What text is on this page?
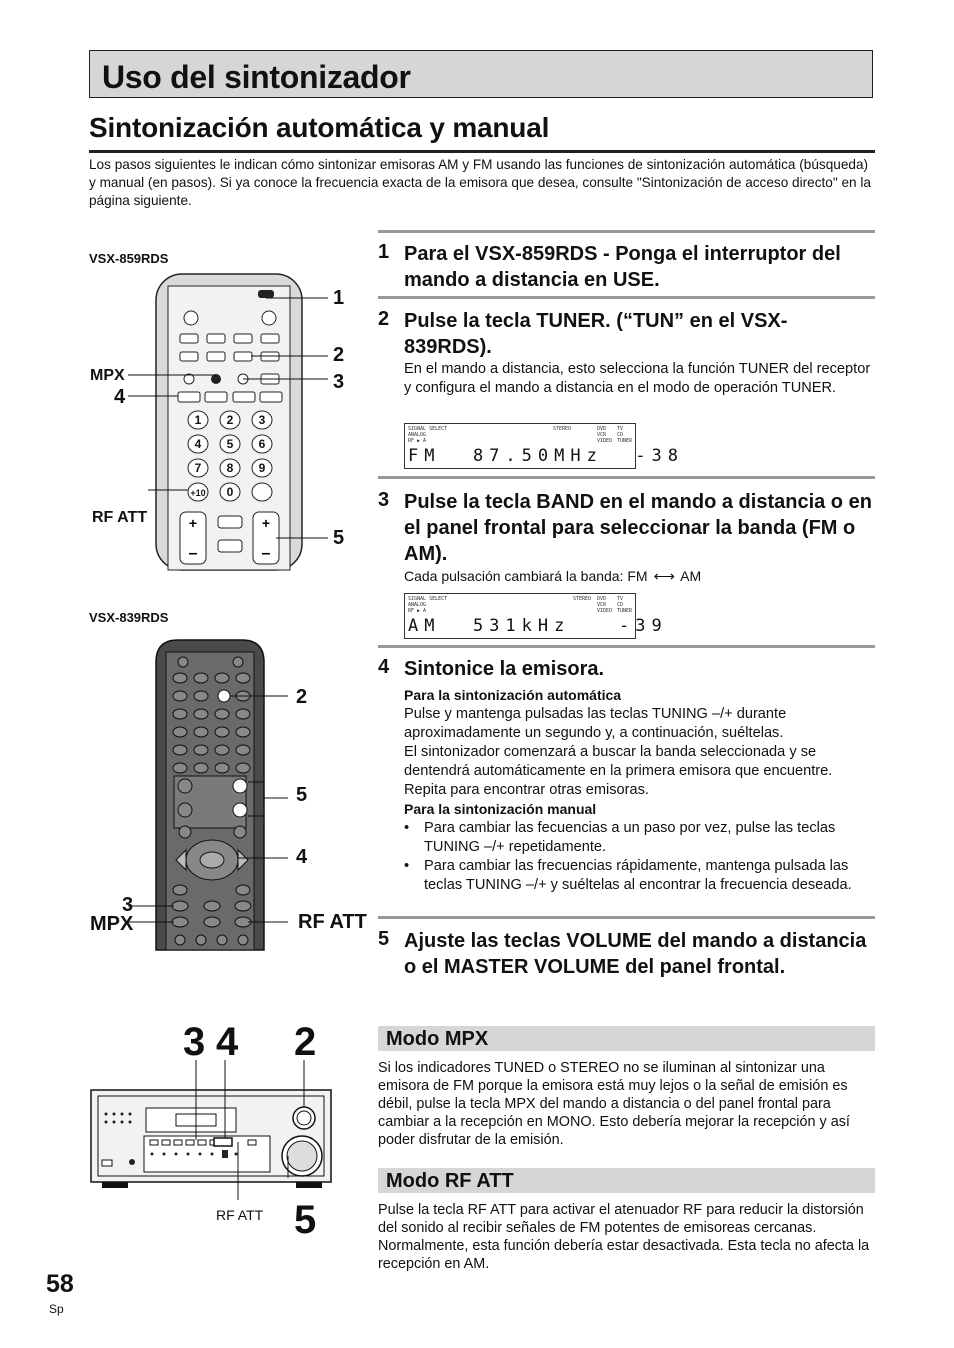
Uso del sintonizador
Sintonización automática y manual

Los pasos siguientes le indican cómo sintonizar emisoras AM y FM usando las funciones de sintonización automática (búsqueda) y manual (en pasos). Si ya conoce la frecuencia exacta de la emisora que desea, consulte "Sintonización de acceso directo" en la página siguiente.

VSX-859RDS
1 2 3
4 5 6
7 8 9
+10 0
+
–
+
–
1
2
3
MPX
4
RF ATT
5
VSX-839RDS
2
5
4
3
MPX	RF ATT
3 4 2
5
RF ATT
1 Para el VSX-859RDS - Ponga el interruptor del mando a distancia en USE.

2 Pulse la tecla TUNER. (“TUN” en el VSX-839RDS).

En el mando a distancia, esto selecciona la función TUNER del receptor y configura el mando a distancia en el modo de operación TUNER.

SIGNAL SELECT
ANALOG
RF ▶ A
STEREO	DVD
VCR
VIDEO
TV
CD
TUNER
FM  87.50MHz  -38
3 Pulse la tecla BAND en el mando a distancia o en el panel frontal para seleccionar la banda (FM o AM).

Cada pulsación cambiará la banda: FM ⟷ AM
SIGNAL SELECT
ANALOG
RF ▶ A
STEREO DVD
VCR
VIDEO
TV
CD
TUNER
AM  531kHz   -39
4 Sintonice la emisora.

Para la sintonización automática
Pulse y mantenga pulsadas las teclas TUNING –/+ durante aproximadamente un segundo y, a continuación, suéltelas.
El sintonizador comenzará a buscar la banda seleccionada y se dentendrá automáticamente en la primera emisora que encuentre. Repita para encontrar otras emisoras.
Para la sintonización manual
• Para cambiar las fecuencias a un paso por vez, pulse las teclas TUNING –/+ repetidamente.
• Para cambiar las frecuencias rápidamente, mantenga pulsada las teclas TUNING –/+ y suéltelas al encontrar la frecuencia deseada.
5 Ajuste las teclas VOLUME del mando a distancia o el MASTER VOLUME del panel frontal.

Modo MPX

Si los indicadores TUNED o STEREO no se iluminan al sintonizar una emisora de FM porque la emisora está muy lejos o la señal de emisión es débil, pulse la tecla MPX del mando a distancia o del panel frontal para cambiar a la recepción en MONO. Esto debería mejorar la recepción y así poder disfrutar de la emisión.

Modo RF ATT
Pulse la tecla RF ATT para activar el atenuador RF para reducir la distorsión del sonido al recibir señales de FM potentes de emisoreas cercanas.
Normalmente, esta función debería estar desactivada. Esta tecla no afecta la recepción en AM.
58
Sp
